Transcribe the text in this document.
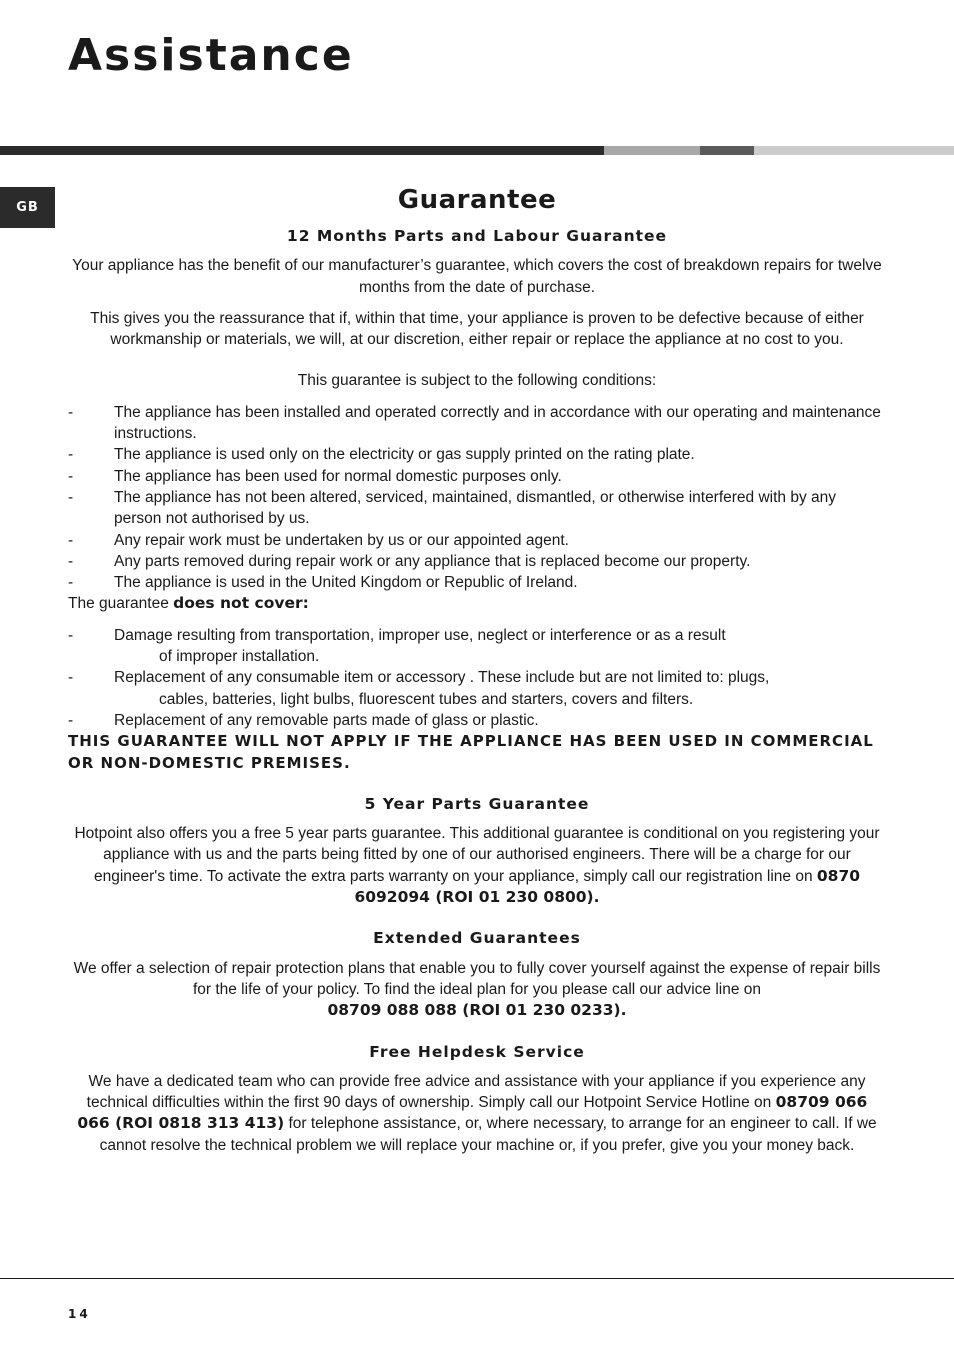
Assistance
GB	Guarantee
12 Months Parts and Labour Guarantee

Your appliance has the benefit of our manufacturer’s guarantee, which covers the cost of breakdown repairs for twelve months from the date of purchase.

This gives you the reassurance that if, within that time, your appliance is proven to be defective because of either workmanship or materials, we will, at our discretion, either repair or replace the appliance at no cost to you.

This guarantee is subject to the following conditions:

-	The appliance has been installed and operated correctly and in accordance with our operating and maintenance instructions.
-	The appliance is used only on the electricity or gas supply printed on the rating plate.
-	The appliance has been used for normal domestic purposes only.
-	The appliance has not been altered, serviced, maintained, dismantled, or otherwise interfered with by any person not authorised by us.
-	Any repair work must be undertaken by us or our appointed agent.
-	Any parts removed during repair work or any appliance that is replaced become our property.
-	The appliance is used in the United Kingdom or Republic of Ireland.

The guarantee does not cover:

-	Damage resulting from transportation, improper use, neglect or interference or as a result
of improper installation.
-	Replacement of any consumable item or accessory . These include but are not limited to: plugs,
cables, batteries, light bulbs, fluorescent tubes and starters, covers and filters.
-	Replacement of any removable parts made of glass or plastic.

THIS GUARANTEE WILL NOT APPLY IF THE APPLIANCE HAS BEEN USED IN COMMERCIAL OR NON-DOMESTIC PREMISES.

5 Year Parts Guarantee

Hotpoint also offers you a free 5 year parts guarantee. This additional guarantee is conditional on you registering your appliance with us and the parts being fitted by one of our authorised engineers. There will be a charge for our engineer's time. To activate the extra parts warranty on your appliance, simply call our registration line on 0870 6092094 (ROI 01 230 0800).

Extended Guarantees

We offer a selection of repair protection plans that enable you to fully cover yourself against the expense of repair bills for the life of your policy. To find the ideal plan for you please call our advice line on
08709 088 088 (ROI 01 230 0233).

Free Helpdesk Service

We have a dedicated team who can provide free advice and assistance with your appliance if you experience any technical difficulties within the first 90 days of ownership. Simply call our Hotpoint Service Hotline on 08709 066 066 (ROI 0818 313 413) for telephone assistance, or, where necessary, to arrange for an engineer to call. If we cannot resolve the technical problem we will replace your machine or, if you prefer, give you your money back.

14
